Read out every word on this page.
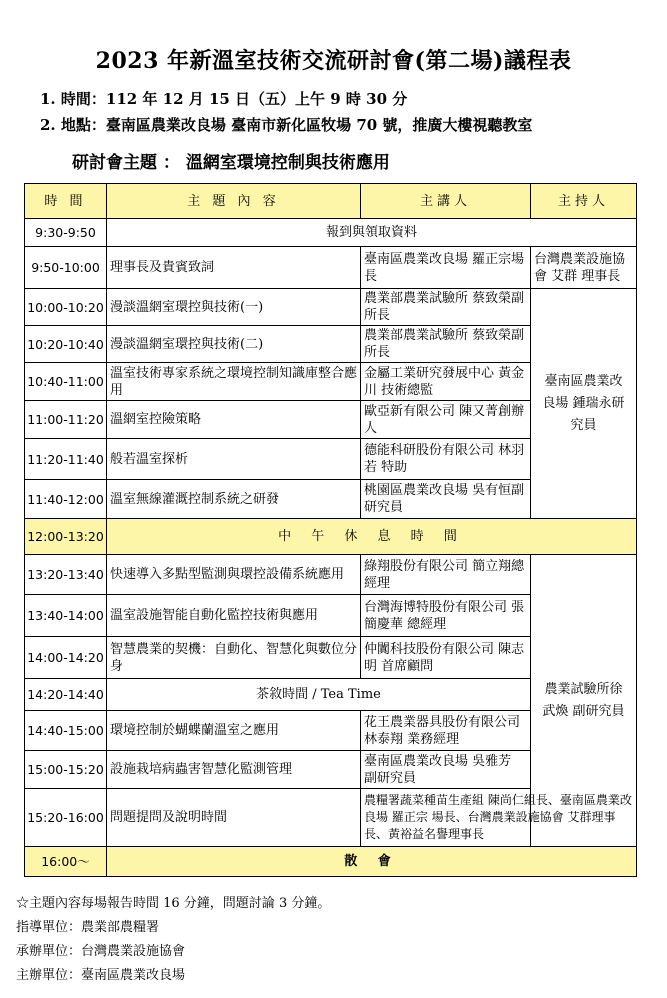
2023 年新溫室技術交流研討會(第二場)議程表
1. 時間：112 年 12 月 15 日（五）上午 9 時 30 分
2. 地點：臺南區農業改良場 臺南市新化區牧場 70 號，推廣大樓視聽教室
研討會主題 ： 溫網室環境控制與技術應用
時 間	主 題 內 容	主講人	主持人
9:30-9:50	報到與領取資料		
9:50-10:00	理事長及貴賓致詞	臺南區農業改良場 羅正宗場長	台灣農業設施協會 艾群 理事長
10:00-10:20	漫談溫網室環控與技術(一)	農業部農業試驗所 蔡致榮副所長	臺南區農業改良場 鍾瑞永研究員
10:20-10:40	漫談溫網室環控與技術(二)	農業部農業試驗所 蔡致榮副所長	
10:40-11:00	溫室技術專家系統之環境控制知識庫整合應用	金屬工業研究發展中心 黃金川 技術總監	
11:00-11:20	溫網室控險策略	歐亞新有限公司 陳又菁創辦人	
11:20-11:40	般若溫室探析	德能科研股份有限公司 林羽若 特助	
11:40-12:00	溫室無線灌溉控制系統之研發	桃園區農業改良場 吳有恒副研究員	
12:00-13:20	中 午 休 息 時 間		
13:20-13:40	快速導入多點型監測與環控設備系統應用	綠翔股份有限公司 簡立翔總經理	農業試驗所徐武煥 副研究員
13:40-14:00	溫室設施智能自動化監控技術與應用	台灣海博特股份有限公司 張簡慶華 總經理	
14:00-14:20	智慧農業的契機：自動化、智慧化與數位分身	仲闐科技股份有限公司 陳志明 首席顧問	
14:20-14:40	茶敘時間 / Tea Time		
14:40-15:00	環境控制於蝴蝶蘭溫室之應用	花王農業器具股份有限公司 林泰翔 業務經理	
15:00-15:20	設施栽培病蟲害智慧化監測管理	臺南區農業改良場 吳雅芳 副研究員	
15:20-16:00	問題提問及說明時間	農糧署蔬菜種苗生產組 陳尚仁組長、臺南區農業改良場 羅正宗 場長、台灣農業設施協會 艾群理事長、黃裕益名譽理事長	
16:00～	散 會		
☆主題內容每場報告時間 16 分鐘，問題討論 3 分鐘。
指導單位：農業部農糧署
承辦單位：台灣農業設施協會
主辦單位：臺南區農業改良場
